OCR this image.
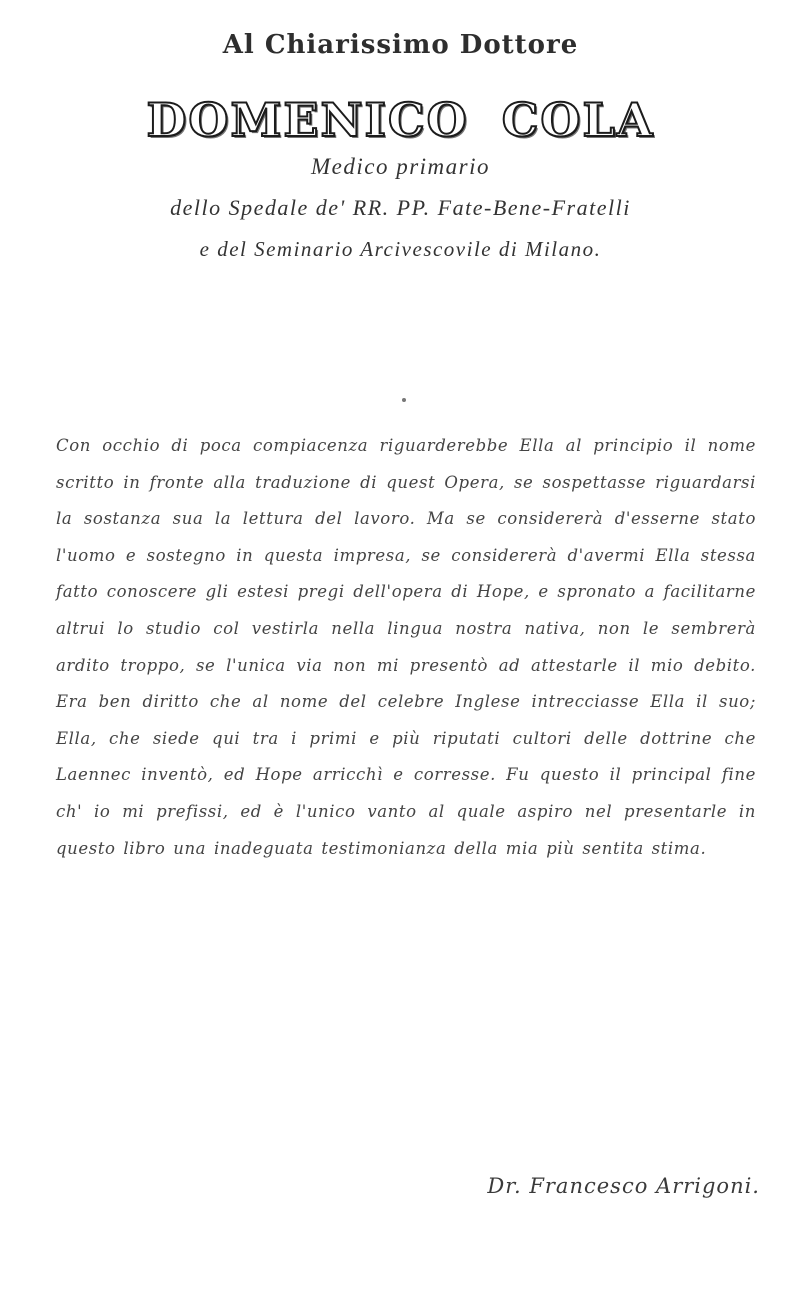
Al Chiarissimo Dottore
DOMENICO COLA
Medico primario
dello Spedale de' RR. PP. Fate-Bene-Fratelli
e del Seminario Arcivescovile di Milano.
Con occhio di poca compiacenza riguarderebbe Ella al principio il nome scritto in fronte alla traduzione di quest Opera, se sospettasse riguardarsi la sostanza sua la lettura del lavoro. Ma se considererà d'esserne stato l'uomo e sostegno in questa impresa, se considererà d'avermi Ella stessa fatto conoscere gli estesi pregi dell'opera di Hope, e spronato a facilitarne altrui lo studio col vestirla nella lingua nostra nativa, non le sembrerà ardito troppo, se l'unica via non mi presentò ad attestarle il mio debito. Era ben diritto che al nome del celebre Inglese intrecciasse Ella il suo; Ella, che siede qui tra i primi e più riputati cultori delle dottrine che Laennec inventò, ed Hope arricchì e corresse. Fu questo il principal fine ch' io mi prefissi, ed è l'unico vanto al quale aspiro nel presentarle in questo libro una inadeguata testimonianza della mia più sentita stima.
Dr. Francesco Arrigoni.
